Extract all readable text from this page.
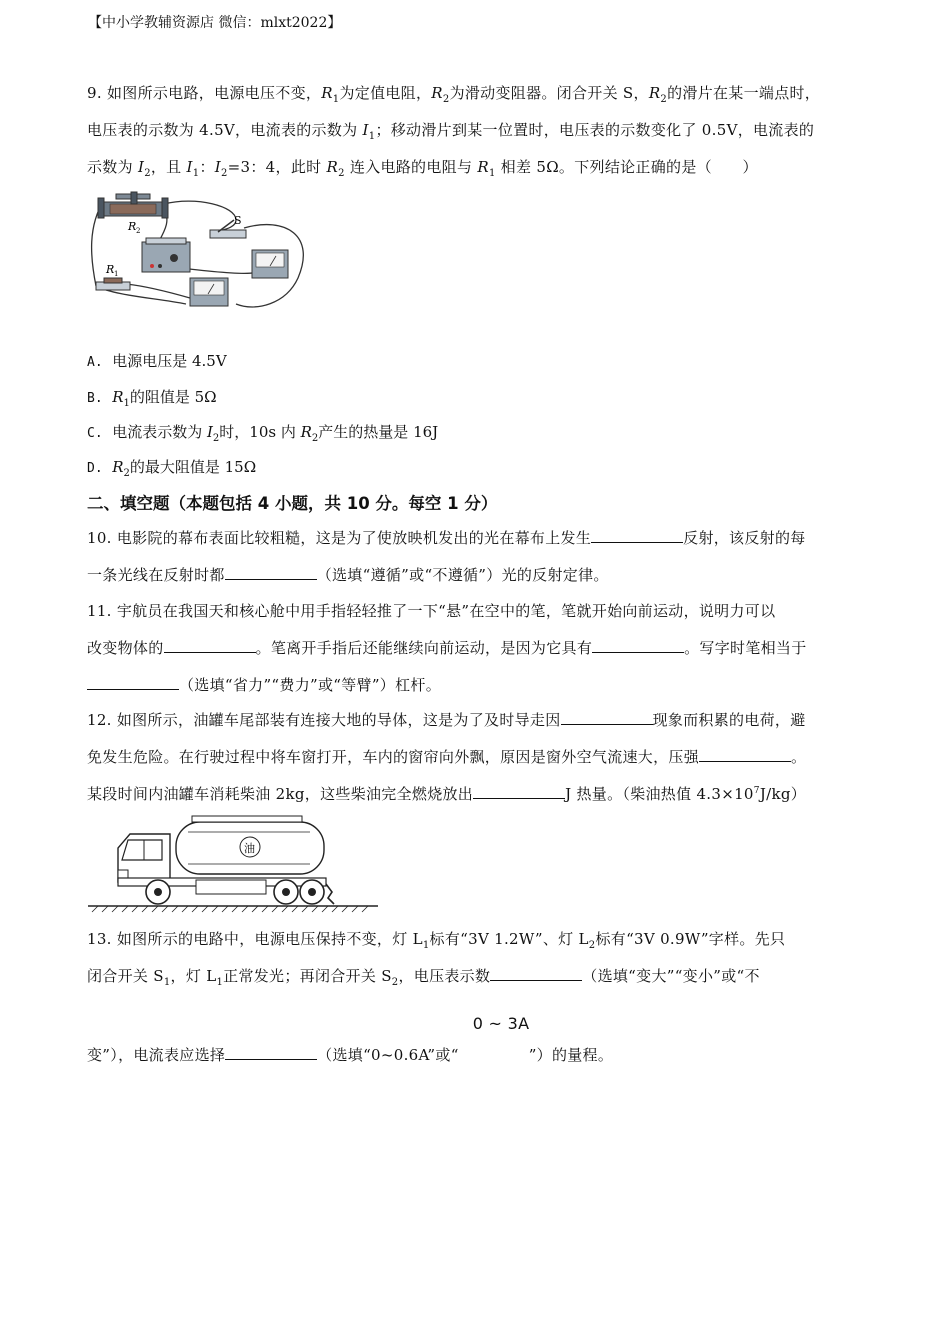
【中小学教辅资源店 微信：mlxt2022】
9. 如图所示电路，电源电压不变，$R_1$为定值电阻，$R_2$为滑动变阻器。闭合开关 S，$R_2$的滑片在某一端点时，
电压表的示数为 4.5V，电流表的示数为 $I_1$；移动滑片到某一位置时，电压表的示数变化了 0.5V，电流表的
示数为 $I_2$，且 $I_1$：$I_2=3$：4，此时 $R_2$ 连入电路的电阻与 $R_1$ 相差 5Ω。下列结论正确的是（　　）
R 2
S
R 1
A. 电源电压是 4.5V
B. $R_1$的阻值是 5Ω
C. 电流表示数为 $I_2$时，10s 内 $R_2$产生的热量是 16J
D. $R_2$的最大阻值是 15Ω
二、填空题（本题包括 4 小题，共 10 分。每空 1 分）
10. 电影院的幕布表面比较粗糙，这是为了使放映机发出的光在幕布上发生	反射，该反射的每
一条光线在反射时都	（选填“遵循”或“不遵循”）光的反射定律。
11. 宇航员在我国天和核心舱中用手指轻轻推了一下“悬”在空中的笔，笔就开始向前运动，说明力可以
改变物体的	。笔离开手指后还能继续向前运动，是因为它具有	。写字时笔相当于
（选填“省力”“费力”或“等臂”）杠杆。
12. 如图所示，油罐车尾部装有连接大地的导体，这是为了及时导走因	现象而积累的电荷，避
免发生危险。在行驶过程中将车窗打开，车内的窗帘向外飘，原因是窗外空气流速大，压强	。
某段时间内油罐车消耗柴油 2kg，这些柴油完全燃烧放出	J 热量。（柴油热值 $4.3\times 10^7J/kg$）
油
13. 如图所示的电路中，电源电压保持不变，灯 $L_1$标有“3V 1.2W”、灯 $L_2$标有“3V 0.9W”字样。先只
闭合开关 $S_1$，灯 $L_1$正常发光；再闭合开关 $S_2$，电压表示数	（选填“变大”“变小”或“不
变”），电流表应选择	（选填“0~0.6A”或“
0 ~ 3A
”）的量程。
